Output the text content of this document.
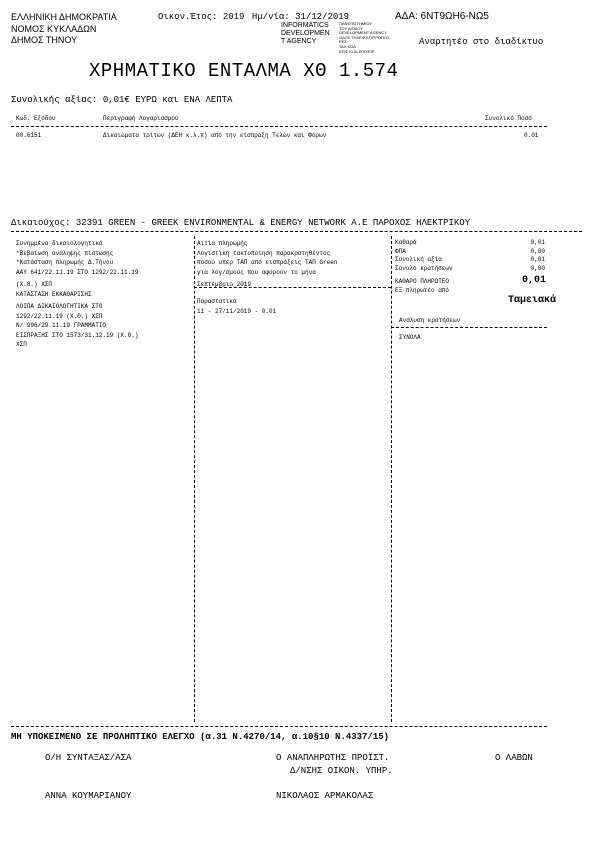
ΕΛΛΗΝΙΚΗ ΔΗΜΟΚΡΑΤΙΑ
ΝΟΜΟΣ ΚΥΚΛΑΔΩΝ
ΔΗΜΟΣ ΤΗΝΟΥ
Οικον.Έτος: 2019 Ημ/νία: 31/12/2019	ΑΔΑ: 6ΝΤ9ΩΗ6-ΝΩ5
INFORMATICS
DEVELOPMEN
T AGENCY
ΠΑΝΕΠΙΣΤΗΜΙΟΥ
ΤΟΥ ΑΙΓΑΙΟΥ
DEVELOPMENT AGENCY
ΟΔΟΣ ΤΗΛΕΦ.ΕΠΙΤΡΟΠΟΣ
ΕΕΣ
ΤΑΧ.ΚΟΔ
ΕΠΙΣ.ΚΟΔ.ΕΠΙΧΕΙΡ.
Αναρτητέο στο διαδίκτυο
ΧΡΗΜΑΤΙΚΟ ΕΝΤΑΛΜΑ ΧΘ 1.574
Συνολικής αξίας: 0,01€ ΕΥΡΩ και ΕΝΑ ΛΕΠΤΑ
Κωδ. Εξόδου	Περιγραφή Λογαριασμού	Συνολικό Ποσό
00.6151	Δικαιώματα τρίτων (ΔΕΗ κ.λ.π) από την είσπραξη Τελών και Φόρων	0.01
Δικαιούχος: 32391 GREEN - GREEK ENVIRONMENTAL & ENERGY NETWORK A.E ΠΑΡΟΧΟΣ ΗΛΕΚΤΡΙΚΟΥ
Συνημμένα δικαιολογητικά
*Βεβαίωση ανάληψης πίστωσης
*Κατάσταση πληρωμής Δ.Τήνου
ΑΑΥ 641/22.11.19 ΣΤΟ 1292/22.11.19
(Χ.Θ.) ΧΣΠ
ΚΑΤΑΣΤΑΣΗ ΕΚΚΑΘΑΡΙΣΗΣ
ΛΟΙΠΑ ΔΙΚΑΙΟΛΟΓΗΤΙΚΑ ΣΤΟ
1292/22.11.19 (Χ.Θ.) ΧΣΠ
Ν/ 996/29.11.19 ΓΡΑΜΜΑΤΙΟ
ΕΙΣΠΡΑΞΗΣ ΣΤΟ 1573/31.12.19 (Χ.Θ.)
ΧΣΠ
Αιτία πληρωμής
Λογιστική τακτοποίηση παρακρατηθέντος
ποσού υπέρ ΤΑΠ από εισπράξεις ΤΑΠ Green
για λογ/σμούς που αφορούν το μήνα
Σεπτέμβριο 2019
Παραστατικά
11 - 27/11/2019 - 0.01
Καθαρά	0,01
ΦΠΑ	0,00
Συνολική αξία	0,01
Σύνολο κρατήσεων	0,00
ΚΑΘΑΡΟ ΠΛΗΡΩΤΕΟ	0,01
ΕΞ πληρωτέο από
Ταμειακά
Ανάλυση κρατήσεων
ΣΥΝΟΛΑ
ΜΗ ΥΠΟΚΕΙΜΕΝΟ ΣΕ ΠΡΟΛΗΠΤΙΚΟ ΕΛΕΓΧΟ (α.31 Ν.4270/14, α.10§10 Ν.4337/15)
Ο/Η ΣΥΝΤΑΞΑΣ/ΑΣΑ	Ο ΑΝΑΠΛΗΡΩΤΗΣ ΠΡΟΪΣΤ.
Δ/ΝΣΗΣ ΟΙΚΟΝ. ΥΠΗΡ.
Ο ΛΑΒΩΝ
ΑΝΝΑ ΚΟΥΜΑΡΙΑΝΟΥ	ΝΙΚΟΛΑΟΣ ΑΡΜΑΚΟΛΑΣ
